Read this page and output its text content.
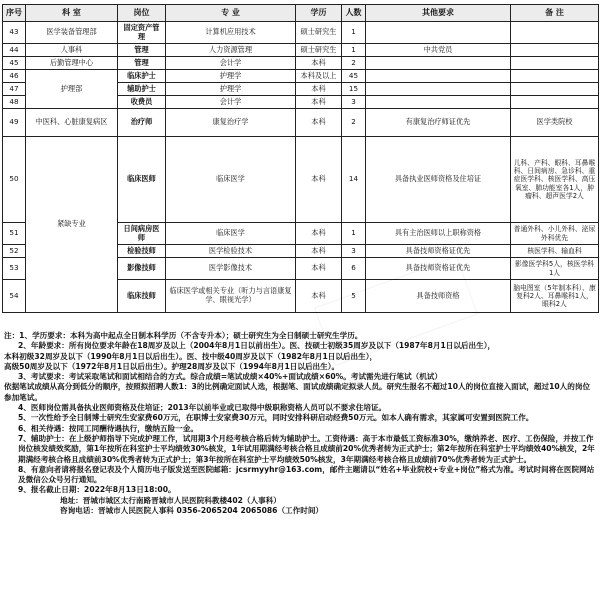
序号	科 室	岗位	专 业	学历	人数	其他要求	备 注
43	医学装备管理部	固定资产管理	计算机应用技术	硕士研究生	1		
44	人事科	管理	人力资源管理	硕士研究生	1	中共党员	
45	后勤管理中心	管理	会计学	本科	2		
46	护理部	临床护士	护理学	本科及以上	45		
47		辅助护士	护理学	本科	15		
48		收费员	会计学	本科	3		
49	中医科、心脏康复病区	治疗师	康复治疗学	本科	2	有康复治疗师证优先	医学类院校
50	紧缺专业	临床医师	临床医学	本科	14	具备执业医师资格及住培证	儿科、产科、眼科、耳鼻喉科、日间病房、急诊科、重症医学科、核医学科、高压氧室、肺功能室各1人，肿瘤科、超声医学2人
51		日间病房医师	临床医学	本科	1	具有主治医师以上职称资格	普通外科、小儿外科、泌尿外科优先
52		检验技师	医学检验技术	本科	3	具备技师资格证优先	核医学科、输血科
53		影像技师	医学影像技术	本科	6	具备技师资格证优先	影像医学科5人，核医学科1人
54		临床技师	临床医学或相关专业（听力与言语康复学、眼视光学）	本科	5	具备技师资格	脑电图室（5年制本科）、康复科2人、耳鼻喉科1人，眼科2人

注：1、学历要求：本科为高中起点全日制本科学历（不含专升本）；硕士研究生为全日制硕士研究生学历。

2、年龄要求：所有岗位要求年龄在18周岁及以上（2004年8月1日以前出生）。医、技硕士初级35周岁及以下（1987年8月1日以后出生），

本科初级32周岁及以下（1990年8月1日以后出生）。医、技中级40周岁及以下（1982年8月1日以后出生），

高级50周岁及以下（1972年8月1日以后出生）。护理28周岁及以下（1994年8月1日以后出生）。

3、考试要求：考试采取笔试和面试相结合的方式。综合成绩=笔试成绩×40%+面试成绩×60%。考试需先进行笔试（机试）

依据笔试成绩从高分到低分的顺序，按照拟招聘人数1：3的比例确定面试人选，根据笔、面试成绩确定拟录人员。研究生报名不超过10人的岗位直接入面试，超过10人的岗位参加笔试。

4、医师岗位需具备执业医师资格及住培证；2013年以前毕业或已取得中级职称资格人员可以不要求住培证。

5、一次性给予全日制博士研究生安家费60万元，在职博士安家费30万元，同时安排科研启动经费50万元。如本人确有需求，其家属可安置到医院工作。

6、相关待遇：按同工同酬待遇执行，缴纳五险一金。

7、辅助护士：在上级护师指导下完成护理工作，试用期3个月经考核合格后转为辅助护士。工资待遇：高于本市最低工资标准30%，缴纳养老、医疗、工伤保险，并按工作岗位核发绩效奖励，第1年按所在科室护士平均绩效30%核发，1年试用期满经考核合格且成绩前20%优秀者转为正式护士；第2年按所在科室护士平均绩效40%核发，2年期满经考核合格且成绩前30%优秀者转为正式护士；第3年按所在科室护士平均绩效50%核发，3年期满经考核合格且成绩前70%优秀者转为正式护士。

8、有意向者请将报名登记表及个人简历电子版发送至医院邮箱：jcsrmyyhr@163.com，邮件主题请以“姓名+毕业院校+专业+岗位”格式为准。考试时间将在医院网站及微信公众号另行通知。

9、报名截止日期：2022年8月13日18:00。

地址：晋城市城区太行南路晋城市人民医院科教楼402（人事科）

咨询电话：晋城市人民医院人事科 0356-2065204 2065086（工作时间）
